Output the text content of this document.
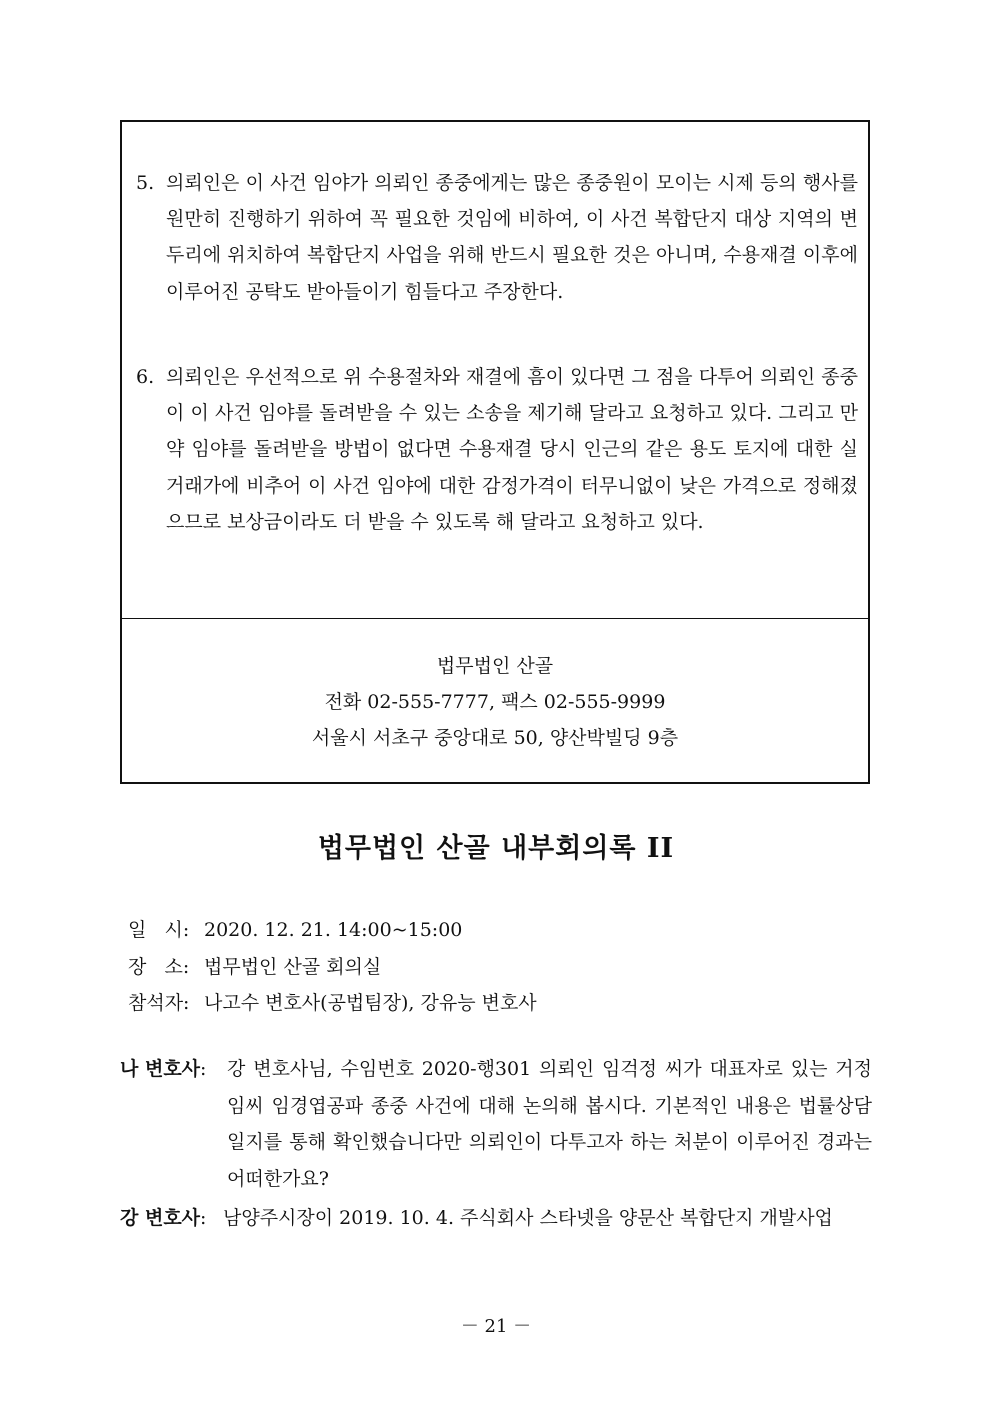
5. 의뢰인은 이 사건 임야가 의뢰인 종중에게는 많은 종중원이 모이는 시제 등의 행사를 원만히 진행하기 위하여 꼭 필요한 것임에 비하여, 이 사건 복합단지 대상 지역의 변두리에 위치하여 복합단지 사업을 위해 반드시 필요한 것은 아니며, 수용재결 이후에 이루어진 공탁도 받아들이기 힘들다고 주장한다.
6. 의뢰인은 우선적으로 위 수용절차와 재결에 흠이 있다면 그 점을 다투어 의뢰인 종중이 이 사건 임야를 돌려받을 수 있는 소송을 제기해 달라고 요청하고 있다. 그리고 만약 임야를 돌려받을 방법이 없다면 수용재결 당시 인근의 같은 용도 토지에 대한 실거래가에 비추어 이 사건 임야에 대한 감정가격이 터무니없이 낮은 가격으로 정해졌으므로 보상금이라도 더 받을 수 있도록 해 달라고 요청하고 있다.
법무법인 산골
전화 02-555-7777, 팩스 02-555-9999
서울시 서초구 중앙대로 50, 양산박빌딩 9층
법무법인 산골 내부회의록 II
일   시: 2020. 12. 21. 14:00~15:00
장   소: 법무법인 산골 회의실
참석자: 나고수 변호사(공법팀장), 강유능 변호사
나 변호사: 강 변호사님, 수임번호 2020-행301 의뢰인 임걱정 씨가 대표자로 있는 거정임씨 임경엽공파 종중 사건에 대해 논의해 봅시다. 기본적인 내용은 법률상담일지를 통해 확인했습니다만 의뢰인이 다투고자 하는 처분이 이루어진 경과는 어떠한가요?
강 변호사: 남양주시장이 2019. 10. 4. 주식회사 스타넷을 양문산 복합단지 개발사업
－ 21 －
